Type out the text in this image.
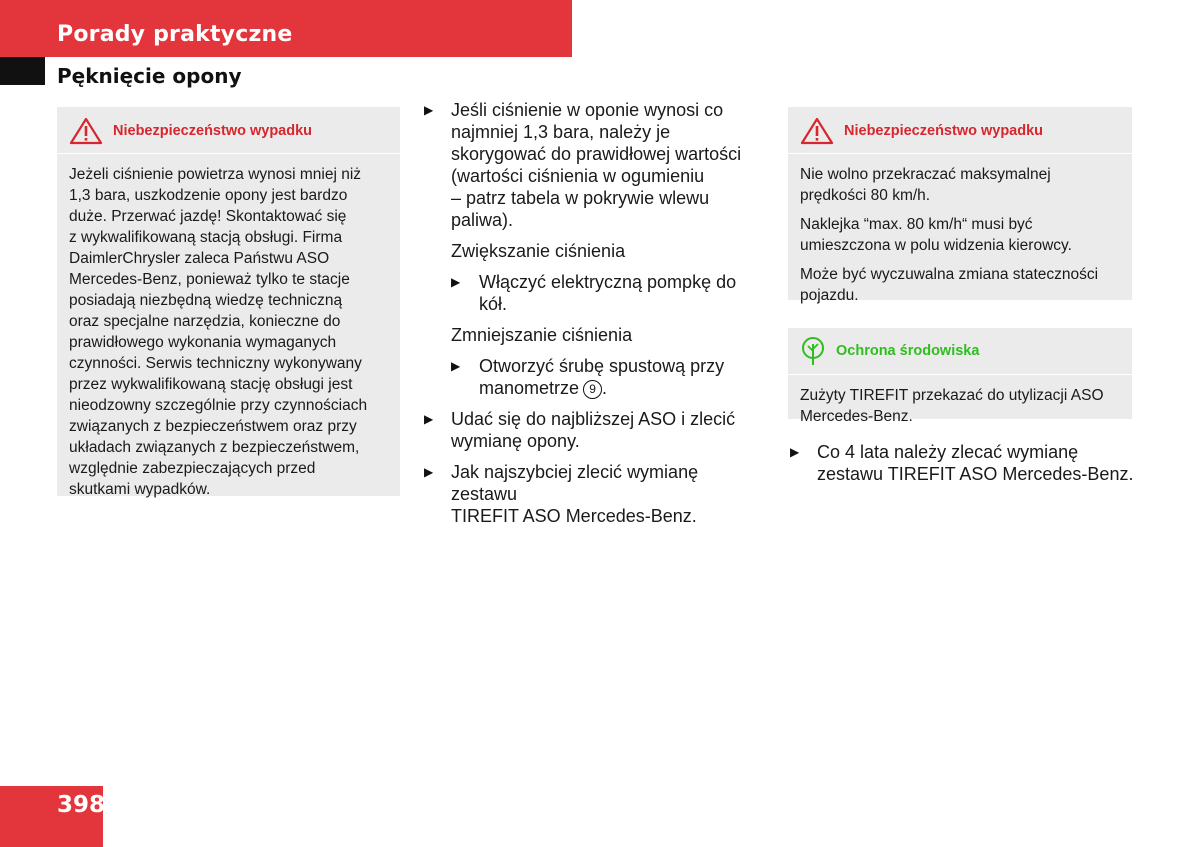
Porady praktyczne
Pęknięcie opony
Niebezpieczeństwo wypadku

Jeżeli ciśnienie powietrza wynosi mniej niż
1,3 bara, uszkodzenie opony jest bardzo
duże. Przerwać jazdę! Skontaktować się
z wykwalifikowaną stacją obsługi. Firma
DaimlerChrysler zaleca Państwu ASO
Mercedes-Benz, ponieważ tylko te stacje
posiadają niezbędną wiedzę techniczną
oraz specjalne narzędzia, konieczne do
prawidłowego wykonania wymaganych
czynności. Serwis techniczny wykonywany
przez wykwalifikowaną stację obsługi jest
nieodzowny szczególnie przy czynnościach
związanych z bezpieczeństwem oraz przy
układach związanych z bezpieczeństwem,
względnie zabezpieczających przed
skutkami wypadków.

▶ Jeśli ciśnienie w oponie wynosi co
najmniej 1,3 bara, należy je
skorygować do prawidłowej wartości
(wartości ciśnienia w ogumieniu
– patrz tabela w pokrywie wlewu
paliwa).
Zwiększanie ciśnienia
▶	Włączyć elektryczną pompkę do
kół.
Zmniejszanie ciśnienia
▶	Otworzyć śrubę spustową przy
manometrze 9 .
▶ Udać się do najbliższej ASO i zlecić
wymianę opony.
▶ Jak najszybciej zlecić wymianę zestawu
TIREFIT ASO Mercedes-Benz.
Niebezpieczeństwo wypadku

Nie wolno przekraczać maksymalnej
prędkości 80 km/h.

Naklejka “max. 80 km/h“ musi być
umieszczona w polu widzenia kierowcy.

Może być wyczuwalna zmiana stateczności
pojazdu.

Ochrona środowiska

Zużyty TIREFIT przekazać do utylizacji ASO
Mercedes-Benz.

▶ Co 4 lata należy zlecać wymianę
zestawu TIREFIT ASO Mercedes-Benz.
398
